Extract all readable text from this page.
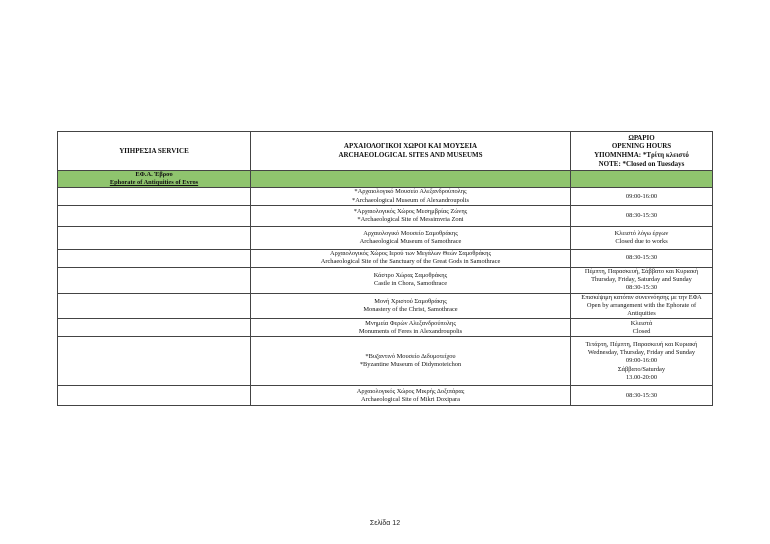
ΥΠΗΡΕΣΙΑ SERVICE	ΑΡΧΑΙΟΛΟΓΙΚΟΙ ΧΩΡΟΙ ΚΑΙ ΜΟΥΣΕΙΑ
ARCHAEOLOGICAL SITES AND MUSEUMS	ΩΡΑΡΙΟ
OPENING HOURS
ΥΠΟΜΝΗΜΑ: *Τρίτη κλειστό
NOTE: *Closed on Tuesdays

ΕΦ.Α. Έβρου
Ephorate of Antiquities of Evros		

	*Αρχαιολογικό Μουσείο Αλεξανδρούπολης
*Archaeological Museum of Alexandroupolis	09:00-16:00

	*Αρχαιολογικός Χώρος Μεσημβρίας Ζώνης
*Archaeological Site of Messimvria Zoni	08:30-15:30

	Αρχαιολογικό Μουσείο Σαμοθράκης
Archaeological Museum of Samothrace	Κλειστό λόγω έργων
Closed due to works

	Αρχαιολογικός Χώρος Ιερού των Μεγάλων Θεών Σαμοθράκης
Archaeological Site of the Sanctuary of the Great Gods in Samothrace	08:30-15:30

	Κάστρο Χώρας Σαμοθράκης
Castle in Chora, Samothrace	Πέμπτη, Παρασκευή, Σάββατο και Κυριακή
Thursday, Friday, Saturday and Sunday
08:30-15:30

	Μονή Χριστού Σαμοθράκης
Monastery of the Christ, Samothrace	Επισκέψιμη κατόπιν συνεννόησης με την ΕΦΑ
Open by arrangement with the Ephorate of Antiquities

	Μνημεία Φερών Αλεξανδρούπολης
Monuments of Feres in Alexandroupolis	Κλειστά
Closed

	*Βυζαντινό Μουσείο Διδυμοτείχου
*Byzantine Museum of Didymoteichon	Τετάρτη, Πέμπτη, Παρασκευή και Κυριακή
Wednesday, Thursday, Friday and Sunday
09:00-16:00
Σάββατο/Saturday
13.00-20:00

	Αρχαιολογικός Χώρος Μικρής Δοξιπάρας
Archaeological Site of Mikri Doxipara	08:30-15:30
Σελίδα 12
